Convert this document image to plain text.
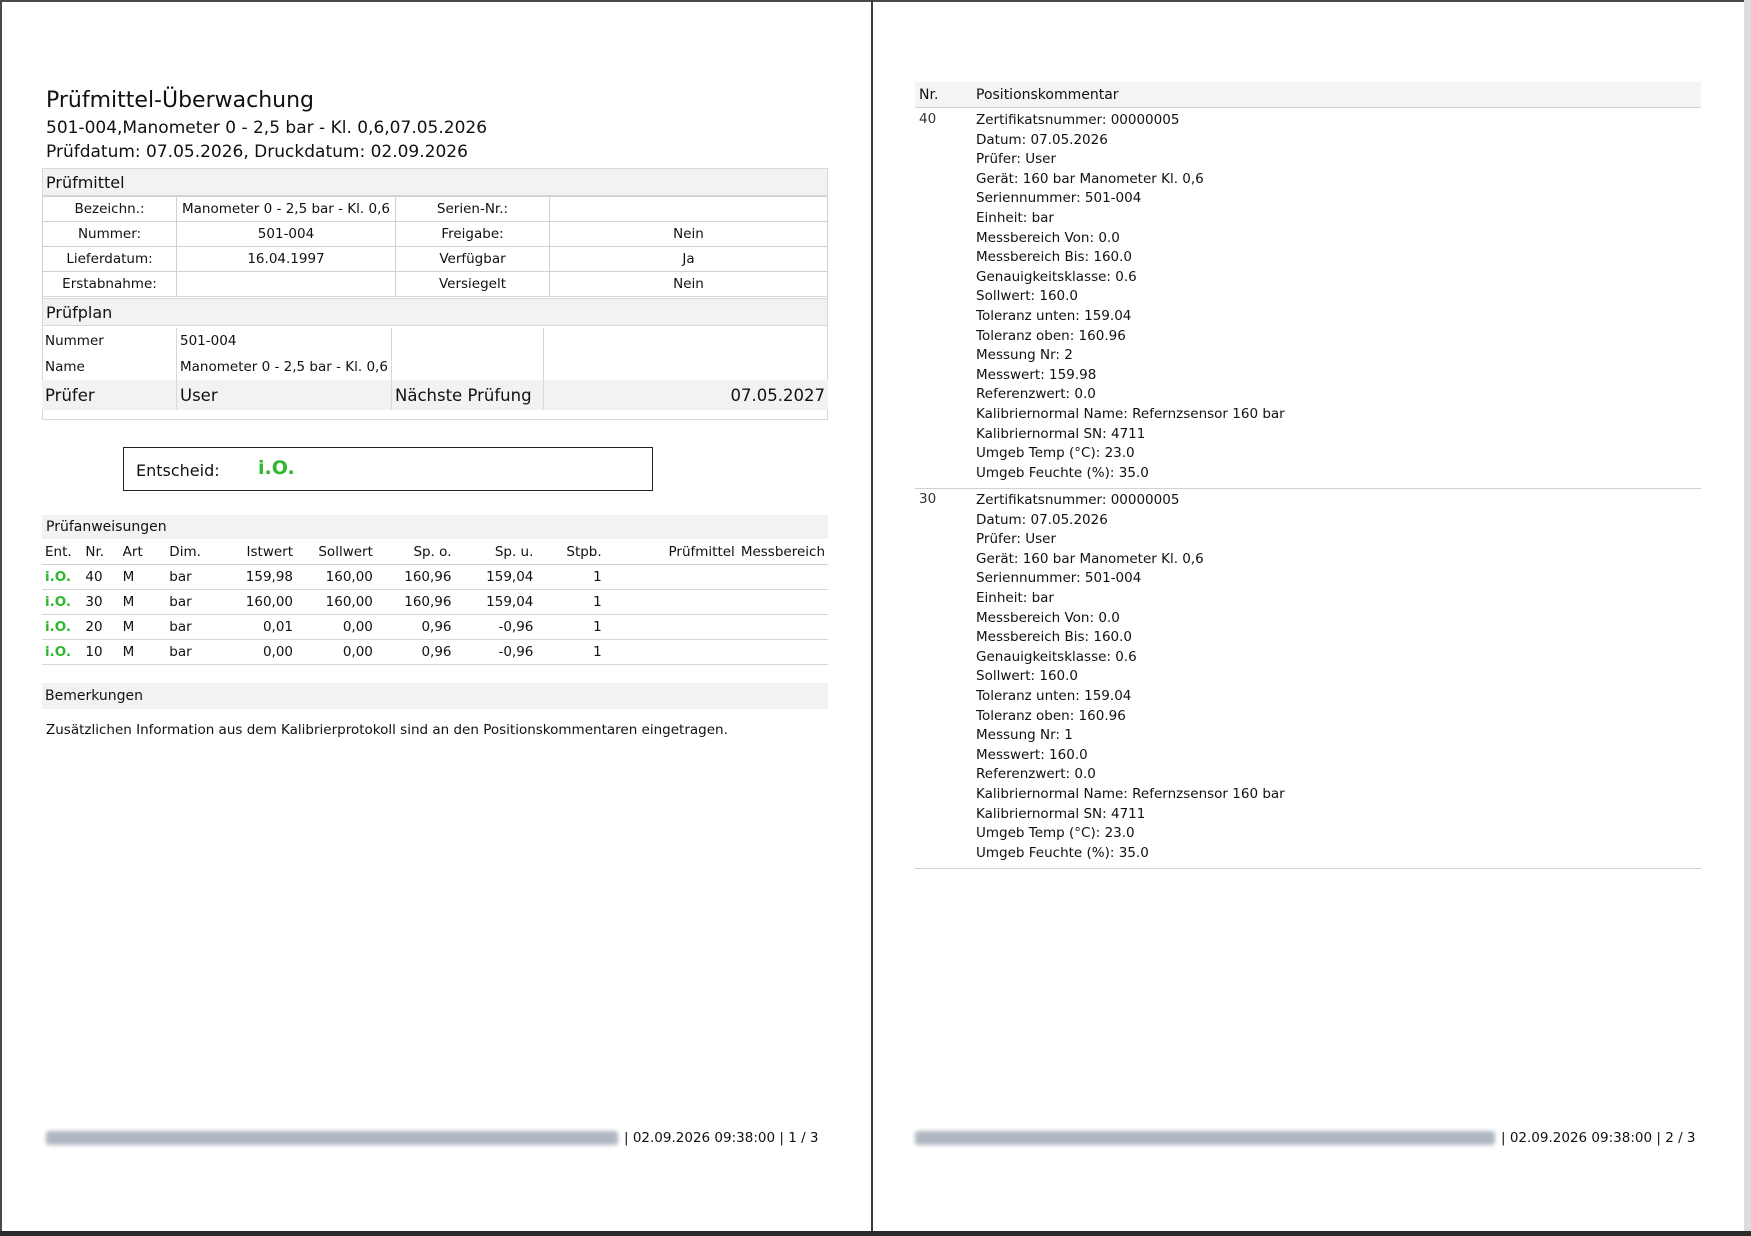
Prüfmittel-Überwachung
501-004,Manometer 0 - 2,5 bar - Kl. 0,6,07.05.2026
Prüfdatum: 07.05.2026, Druckdatum: 02.09.2026
Prüfmittel
Bezeichn.:	Manometer 0 - 2,5 bar - Kl. 0,6	Serien-Nr.:	
Nummer:	501-004	Freigabe:	Nein
Lieferdatum:	16.04.1997	Verfügbar	Ja
Erstabnahme:		Versiegelt	Nein
Prüfplan
Nummer	501-004		
Name	Manometer 0 - 2,5 bar - Kl. 0,6		
Prüfer	User	Nächste Prüfung	07.05.2027
Entscheid: i.O.
Prüfanweisungen
Ent.	Nr.	Art	Dim.	Istwert	Sollwert	Sp. o.	Sp. u.	Stpb.	Prüfmittel	Messbereich
i.O.	40	M	bar	159,98	160,00	160,96	159,04	1		
i.O.	30	M	bar	160,00	160,00	160,96	159,04	1		
i.O.	20	M	bar	0,01	0,00	0,96	-0,96	1		
i.O.	10	M	bar	0,00	0,00	0,96	-0,96	1		
Bemerkungen
Zusätzlichen Information aus dem Kalibrierprotokoll sind an den Positionskommentaren eingetragen.
| 02.09.2026 09:38:00 | 1 / 3
Nr.	Positionskommentar
40	Zertifikatsnummer: 00000005
Datum: 07.05.2026
Prüfer: User
Gerät: 160 bar Manometer Kl. 0,6
Seriennummer: 501-004
Einheit: bar
Messbereich Von: 0.0
Messbereich Bis: 160.0
Genauigkeitsklasse: 0.6
Sollwert: 160.0
Toleranz unten: 159.04
Toleranz oben: 160.96
Messung Nr: 2
Messwert: 159.98
Referenzwert: 0.0
Kalibriernormal Name: Refernzsensor 160 bar
Kalibriernormal SN: 4711
Umgeb Temp (°C): 23.0
Umgeb Feuchte (%): 35.0
30	Zertifikatsnummer: 00000005
Datum: 07.05.2026
Prüfer: User
Gerät: 160 bar Manometer Kl. 0,6
Seriennummer: 501-004
Einheit: bar
Messbereich Von: 0.0
Messbereich Bis: 160.0
Genauigkeitsklasse: 0.6
Sollwert: 160.0
Toleranz unten: 159.04
Toleranz oben: 160.96
Messung Nr: 1
Messwert: 160.0
Referenzwert: 0.0
Kalibriernormal Name: Refernzsensor 160 bar
Kalibriernormal SN: 4711
Umgeb Temp (°C): 23.0
Umgeb Feuchte (%): 35.0
| 02.09.2026 09:38:00 | 2 / 3
